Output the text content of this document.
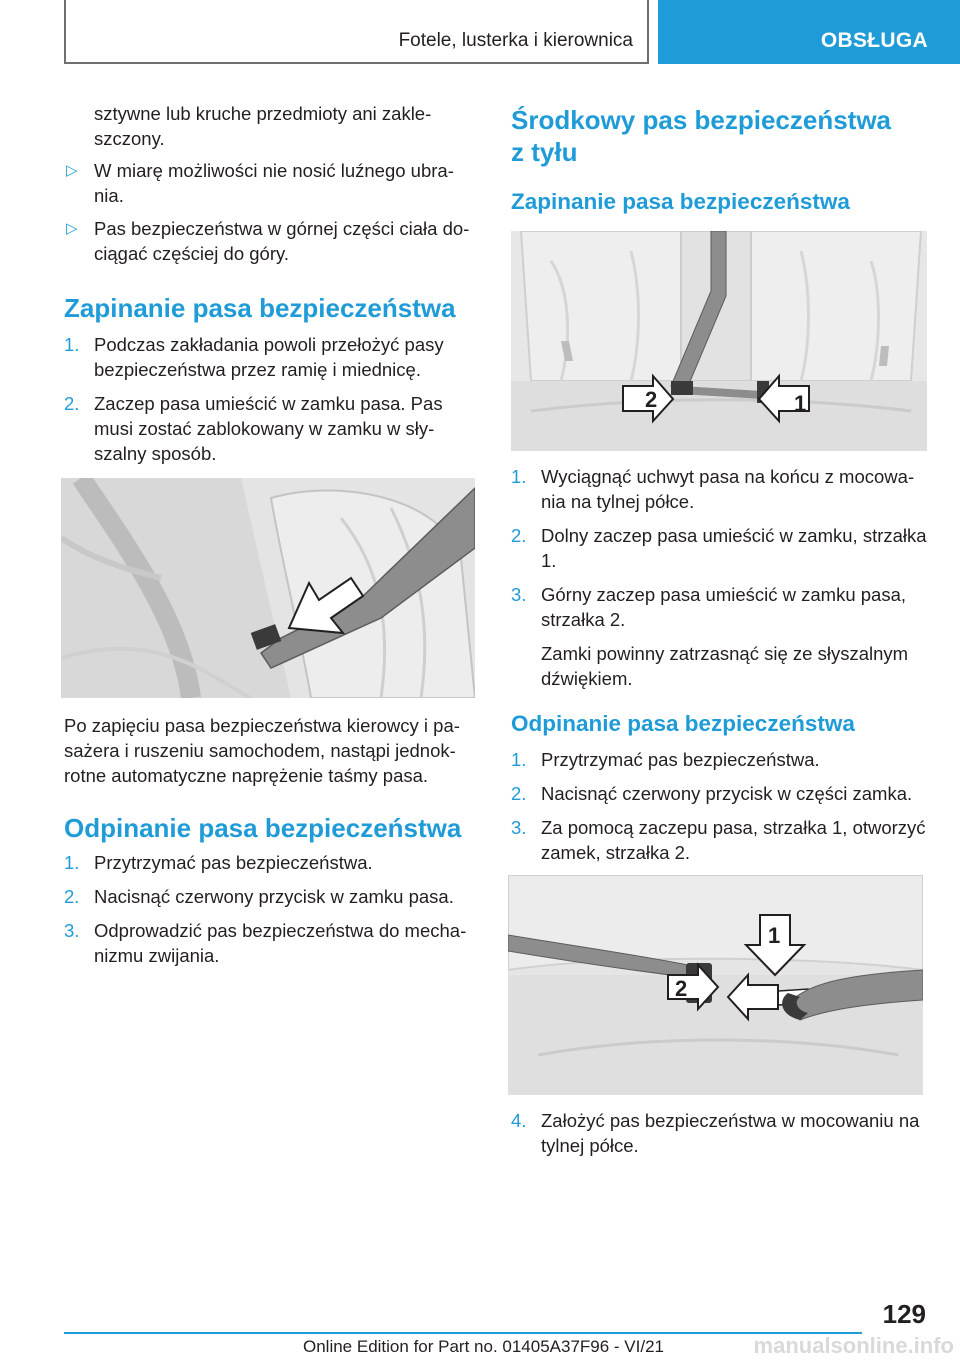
Fotele, lusterka i kierownica	OBSŁUGA

sztywne lub kruche przedmioty ani zakleszczony.

▷ W miarę możliwości nie nosić luźnego ubrania.
▷ Pas bezpieczeństwa w górnej części ciała dociągać częściej do góry.
Zapinanie pasa bezpieczeństwa
1. Podczas zakładania powoli przełożyć pasy bezpieczeństwa przez ramię i miednicę.
2. Zaczep pasa umieścić w zamku pasa. Pas musi zostać zablokowany w zamku w słyszalny sposób.

Po zapięciu pasa bezpieczeństwa kierowcy i pasażera i ruszeniu samochodem, nastąpi jednokrotne automatyczne naprężenie taśmy pasa.

Odpinanie pasa bezpieczeństwa
1. Przytrzymać pas bezpieczeństwa.
2. Nacisnąć czerwony przycisk w zamku pasa.
3. Odprowadzić pas bezpieczeństwa do mechanizmu zwijania.
Środkowy pas bezpieczeństwa
z tyłu
Zapinanie pasa bezpieczeństwa
2	1
1. Wyciągnąć uchwyt pasa na końcu z mocowania na tylnej półce.
2. Dolny zaczep pasa umieścić w zamku, strzałka 1.
3. Górny zaczep pasa umieścić w zamku pasa, strzałka 2.

Zamki powinny zatrzasnąć się ze słyszalnym dźwiękiem.

Odpinanie pasa bezpieczeństwa
1. Przytrzymać pas bezpieczeństwa.
2. Nacisnąć czerwony przycisk w części zamka.
3. Za pomocą zaczepu pasa, strzałka 1, otworzyć zamek, strzałka 2.
1
2
4. Założyć pas bezpieczeństwa w mocowaniu na tylnej półce.
129
Online Edition for Part no. 01405A37F96 - VI/21	manualsonline.info
